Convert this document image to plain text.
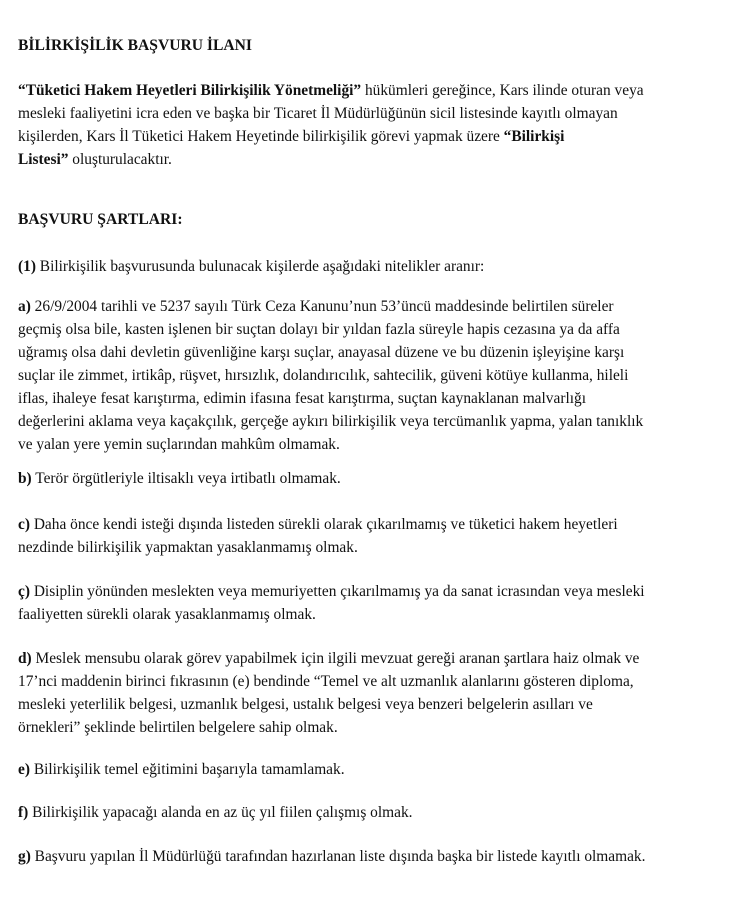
BİLİRKİŞİLİK BAŞVURU İLANI
“Tüketici Hakem Heyetleri Bilirkişilik Yönetmeliği” hükümleri gereğince, Kars ilinde oturan veya
mesleki faaliyetini icra eden ve başka bir Ticaret İl Müdürlüğünün sicil listesinde kayıtlı olmayan
kişilerden, Kars İl Tüketici Hakem Heyetinde bilirkişilik görevi yapmak üzere “Bilirkişi
Listesi” oluşturulacaktır.
BAŞVURU ŞARTLARI:
(1) Bilirkişilik başvurusunda bulunacak kişilerde aşağıdaki nitelikler aranır:
a) 26/9/2004 tarihli ve 5237 sayılı Türk Ceza Kanunu’nun 53’üncü maddesinde belirtilen süreler
geçmiş olsa bile, kasten işlenen bir suçtan dolayı bir yıldan fazla süreyle hapis cezasına ya da affa
uğramış olsa dahi devletin güvenliğine karşı suçlar, anayasal düzene ve bu düzenin işleyişine karşı
suçlar ile zimmet, irtikâp, rüşvet, hırsızlık, dolandırıcılık, sahtecilik, güveni kötüye kullanma, hileli
iflas, ihaleye fesat karıştırma, edimin ifasına fesat karıştırma, suçtan kaynaklanan malvarlığı
değerlerini aklama veya kaçakçılık, gerçeğe aykırı bilirkişilik veya tercümanlık yapma, yalan tanıklık
ve yalan yere yemin suçlarından mahkûm olmamak.
b) Terör örgütleriyle iltisaklı veya irtibatlı olmamak.
c) Daha önce kendi isteği dışında listeden sürekli olarak çıkarılmamış ve tüketici hakem heyetleri
nezdinde bilirkişilik yapmaktan yasaklanmamış olmak.
ç) Disiplin yönünden meslekten veya memuriyetten çıkarılmamış ya da sanat icrasından veya mesleki
faaliyetten sürekli olarak yasaklanmamış olmak.
d) Meslek mensubu olarak görev yapabilmek için ilgili mevzuat gereği aranan şartlara haiz olmak ve
17’nci maddenin birinci fıkrasının (e) bendinde “Temel ve alt uzmanlık alanlarını gösteren diploma,
mesleki yeterlilik belgesi, uzmanlık belgesi, ustalık belgesi veya benzeri belgelerin asılları ve
örnekleri” şeklinde belirtilen belgelere sahip olmak.
e) Bilirkişilik temel eğitimini başarıyla tamamlamak.
f) Bilirkişilik yapacağı alanda en az üç yıl fiilen çalışmış olmak.
g) Başvuru yapılan İl Müdürlüğü tarafından hazırlanan liste dışında başka bir listede kayıtlı olmamak.
